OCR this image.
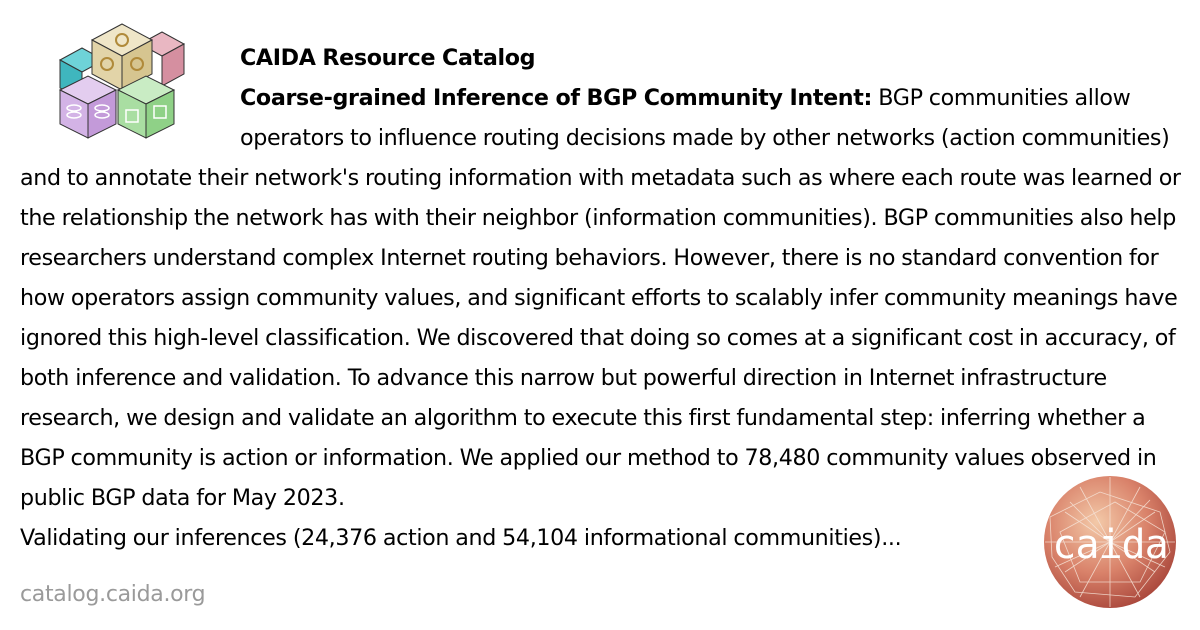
CAIDA Resource Catalog
Coarse-grained Inference of BGP Community Intent: BGP communities allow operators to influence routing decisions made by other networks (action communities) and to annotate their network's routing information with metadata such as where each route was learned or the relationship the network has with their neighbor (information communities). BGP communities also help researchers understand complex Internet routing behaviors. However, there is no standard convention for how operators assign community values, and significant efforts to scalably infer community meanings have ignored this high-level classification. We discovered that doing so comes at a significant cost in accuracy, of both inference and validation. To advance this narrow but powerful direction in Internet infrastructure research, we design and validate an algorithm to execute this first fundamental step: inferring whether a BGP community is action or information. We applied our method to 78,480 community values observed in public BGP data for May 2023.
Validating our inferences (24,376 action and 54,104 informational communities)...
catalog.caida.org
caida
